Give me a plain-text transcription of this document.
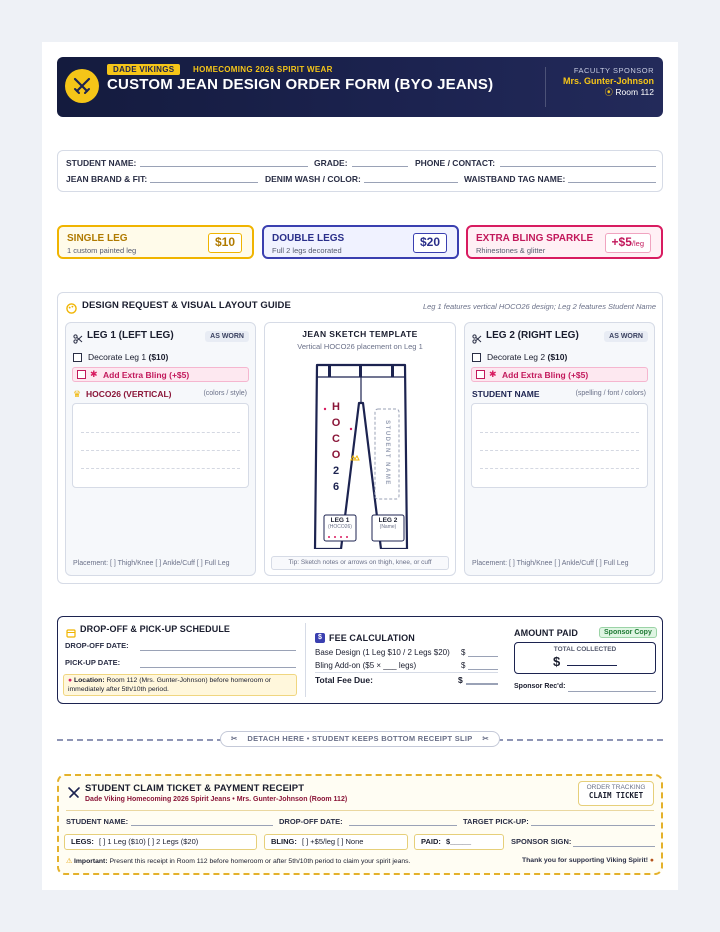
DADE VIKINGS	HOMECOMING 2026 SPIRIT WEAR
CUSTOM JEAN DESIGN ORDER FORM (BYO JEANS)
FACULTY SPONSOR
Mrs. Gunter-Johnson
⦿ Room 112
STUDENT NAME:	GRADE:	PHONE / CONTACT:
JEAN BRAND & FIT:	DENIM WASH / COLOR:	WAISTBAND TAG NAME:
SINGLE LEG
1 custom painted leg
$10	DOUBLE LEGS
Full 2 legs decorated
$20	EXTRA BLING SPARKLE
Rhinestones & glitter
+$5/leg
DESIGN REQUEST & VISUAL LAYOUT GUIDE	Leg 1 features vertical HOCO26 design; Leg 2 features Student Name
LEG 1 (LEFT LEG)	AS WORN
Decorate Leg 1 ($10)
✱ Add Extra Bling (+$5)
♛ HOCO26 (VERTICAL)	(colors / style)
Placement: [ ] Thigh/Knee [ ] Ankle/Cuff [ ] Full Leg
JEAN SKETCH TEMPLATE
Vertical HOCO26 placement on Leg 1
H
O
C
O
2
6
STUDENT NAME
LEG 1
(HOCO26)
LEG 2
(Name)
Tip: Sketch notes or arrows on thigh, knee, or cuff
LEG 2 (RIGHT LEG)	AS WORN
Decorate Leg 2 ($10)
✱ Add Extra Bling (+$5)
STUDENT NAME	(spelling / font / colors)
Placement: [ ] Thigh/Knee [ ] Ankle/Cuff [ ] Full Leg
DROP-OFF & PICK-UP SCHEDULE
DROP-OFF DATE:
PICK-UP DATE:
● Location: Room 112 (Mrs. Gunter-Johnson) before homeroom or immediately after 5th/10th period.
$ FEE CALCULATION
Base Design (1 Leg $10 / 2 Legs $20) $
Bling Add-on ($5 × ___ legs)	$
Total Fee Due:	$
AMOUNT PAID	Sponsor Copy
TOTAL COLLECTED
$
Sponsor Rec'd:
✂ DETACH HERE • STUDENT KEEPS BOTTOM RECEIPT SLIP ✂
STUDENT CLAIM TICKET & PAYMENT RECEIPT
Dade Viking Homecoming 2026 Spirit Jeans • Mrs. Gunter-Johnson (Room 112)
ORDER TRACKING
CLAIM TICKET
STUDENT NAME:	DROP-OFF DATE:	TARGET PICK-UP:
LEGS: [ ] 1 Leg ($10) [ ] 2 Legs ($20)	BLING: [ ] +$5/leg [ ] None	PAID: $_____	SPONSOR SIGN:
⚠ Important: Present this receipt in Room 112 before homeroom or after 5th/10th period to claim your spirit jeans.	Thank you for supporting Viking Spirit! ●
